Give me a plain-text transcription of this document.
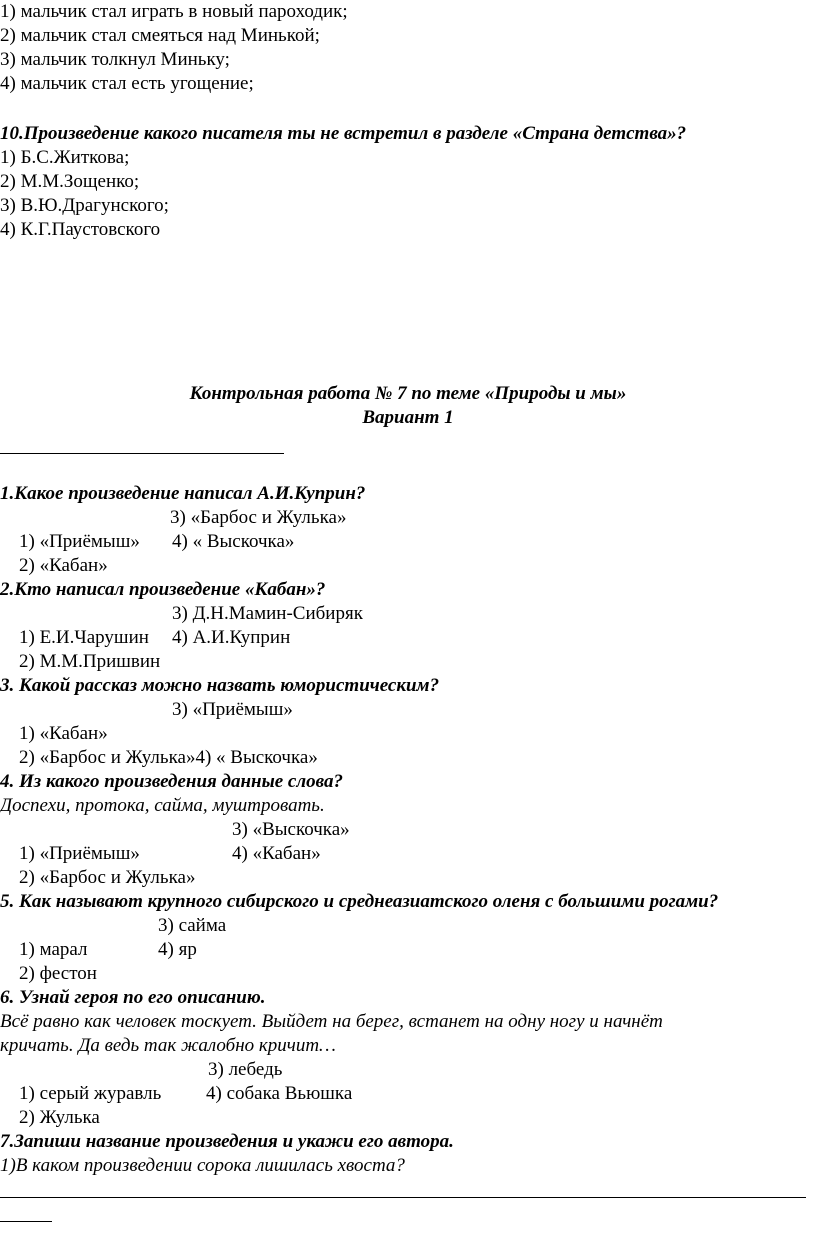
1) мальчик стал играть в новый пароходик;
2) мальчик стал смеяться над Минькой;
3) мальчик толкнул Миньку;
4) мальчик стал есть угощение;
10.Произведение какого писателя ты не встретил в разделе «Страна детства»?
1) Б.С.Житкова;
2) М.М.Зощенко;
3) В.Ю.Драгунского;
4) К.Г.Паустовского
Контрольная работа № 7 по теме «Природы и мы»
Вариант 1
1.Какое произведение написал А.И.Куприн?

1) «Приёмыш»

3) «Барбос и Жулька»

2) «Кабан»

4) « Выскочка»

2.Кто написал произведение «Кабан»?

1) Е.И.Чарушин

3) Д.Н.Мамин-Сибиряк

2) М.М.Пришвин

4) А.И.Куприн

3. Какой рассказ можно назвать юмористическим?

1) «Кабан»

3) «Приёмыш»

2) «Барбос и Жулька»4) « Выскочка»

4. Из какого произведения данные слова?
Доспехи, протока, сайма, муштровать.

1) «Приёмыш»

3) «Выскочка»

2) «Барбос и Жулька»

4) «Кабан»

5. Как называют крупного сибирского и среднеазиатского оленя с большими рогами?

1) марал

3) сайма

2) фестон

4) яр

6. Узнай героя по его описанию.
Всё равно как человек тоскует. Выйдет на берег, встанет на одну ногу и начнёт
кричать. Да ведь так жалобно кричит…

1) серый журавль

3) лебедь

2) Жулька

4) собака Вьюшка

7.Запиши название произведения и укажи его автора.
1)В каком произведении сорока лишилась хвоста?
